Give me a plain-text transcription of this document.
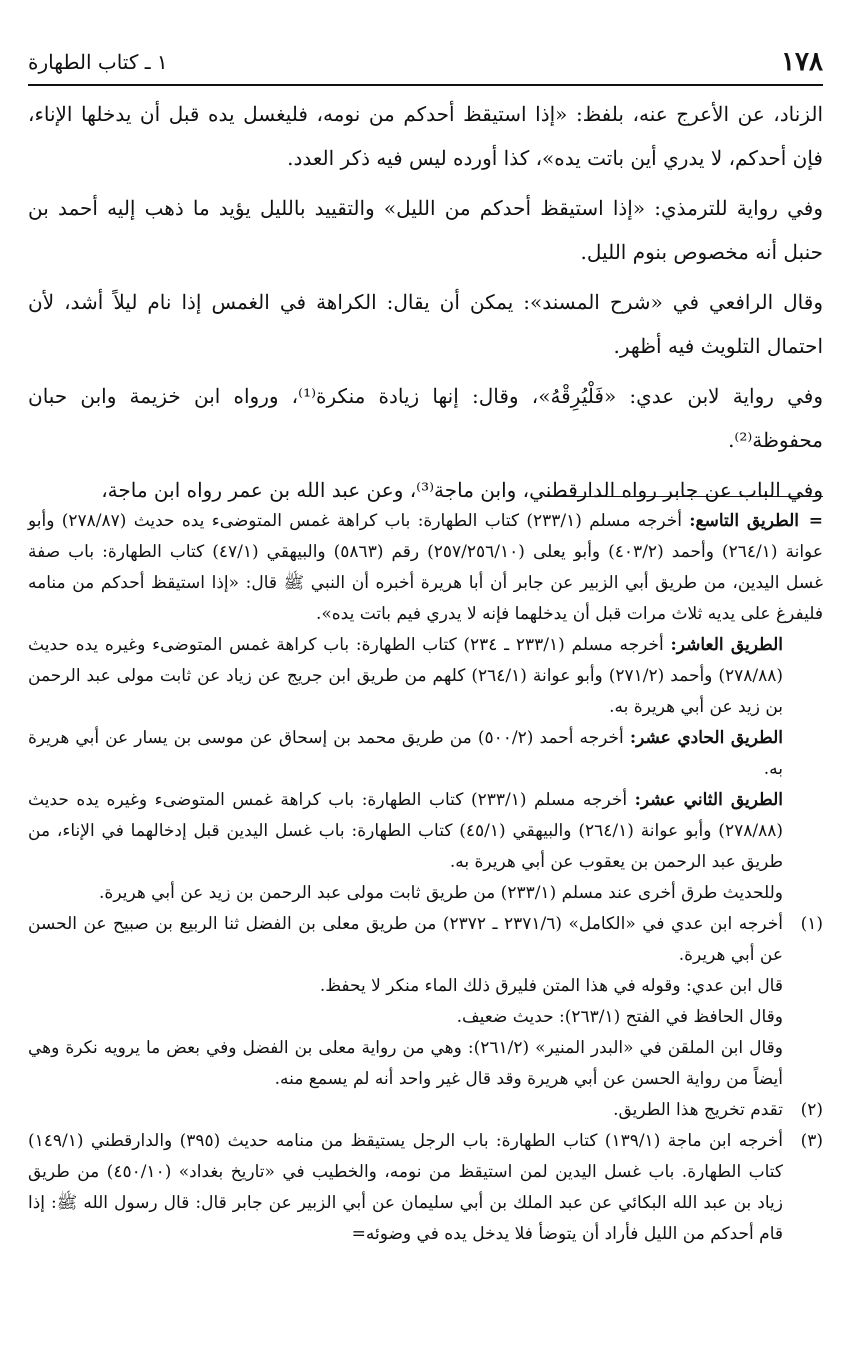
١٧٨
١ ـ كتاب الطهارة

الزناد، عن الأعرج عنه، بلفظ: «إذا استيقظ أحدكم من نومه، فليغسل يده قبل أن يدخلها الإناء، فإن أحدكم، لا يدري أين باتت يده»، كذا أورده ليس فيه ذكر العدد.

وفي رواية للترمذي: «إذا استيقظ أحدكم من الليل» والتقييد بالليل يؤيد ما ذهب إليه أحمد بن حنبل أنه مخصوص بنوم الليل.

وقال الرافعي في «شرح المسند»: يمكن أن يقال: الكراهة في الغمس إذا نام ليلاً أشد، لأن احتمال التلويث فيه أظهر.

وفي رواية لابن عدي: «فَلْيُرِقْهُ»، وقال: إنها زيادة منكرة⁽¹⁾، ورواه ابن خزيمة وابن حبان محفوظة⁽²⁾.

وفي الباب عن جابر رواه الدارقطني، وابن ماجة⁽³⁾، وعن عبد الله بن عمر رواه ابن ماجة،

=الطريق التاسع: أخرجه مسلم (٢٣٣/١) كتاب الطهارة: باب كراهة غمس المتوضىء يده حديث (٢٧٨/٨٧) وأبو عوانة (٢٦٤/١) وأحمد (٤٠٣/٢) وأبو يعلى (٢٥٧/٢٥٦/١٠) رقم (٥٨٦٣) والبيهقي (٤٧/١) كتاب الطهارة: باب صفة غسل اليدين، من طريق أبي الزبير عن جابر أن أبا هريرة أخبره أن النبي ﷺ قال: «إذا استيقظ أحدكم من منامه فليفرغ على يديه ثلاث مرات قبل أن يدخلهما فإنه لا يدري فيم باتت يده».

الطريق العاشر: أخرجه مسلم (٢٣٣/١ ـ ٢٣٤) كتاب الطهارة: باب كراهة غمس المتوضىء وغيره يده حديث (٢٧٨/٨٨) وأحمد (٢٧١/٢) وأبو عوانة (٢٦٤/١) كلهم من طريق ابن جريج عن زياد عن ثابت مولى عبد الرحمن بن زيد عن أبي هريرة به.

الطريق الحادي عشر: أخرجه أحمد (٥٠٠/٢) من طريق محمد بن إسحاق عن موسى بن يسار عن أبي هريرة به.

الطريق الثاني عشر: أخرجه مسلم (٢٣٣/١) كتاب الطهارة: باب كراهة غمس المتوضىء وغيره يده حديث (٢٧٨/٨٨) وأبو عوانة (٢٦٤/١) والبيهقي (٤٥/١) كتاب الطهارة: باب غسل اليدين قبل إدخالهما في الإناء، من طريق عبد الرحمن بن يعقوب عن أبي هريرة به.

وللحديث طرق أخرى عند مسلم (٢٣٣/١) من طريق ثابت مولى عبد الرحمن بن زيد عن أبي هريرة.

(١)

أخرجه ابن عدي في «الكامل» (٢٣٧١/٦ ـ ٢٣٧٢) من طريق معلى بن الفضل ثنا الربيع بن صبيح عن الحسن عن أبي هريرة.

قال ابن عدي: وقوله في هذا المتن فليرق ذلك الماء منكر لا يحفظ.

وقال الحافظ في الفتح (٢٦٣/١): حديث ضعيف.

وقال ابن الملقن في «البدر المنير» (٢٦١/٢): وهي من رواية معلى بن الفضل وفي بعض ما يرويه نكرة وهي أيضاً من رواية الحسن عن أبي هريرة وقد قال غير واحد أنه لم يسمع منه.

(٢)

تقدم تخريج هذا الطريق.

(٣)

أخرجه ابن ماجة (١٣٩/١) كتاب الطهارة: باب الرجل يستيقظ من منامه حديث (٣٩٥) والدارقطني (١٤٩/١) كتاب الطهارة. باب غسل اليدين لمن استيقظ من نومه، والخطيب في «تاريخ بغداد» (٤٥٠/١٠) من طريق زياد بن عبد الله البكائي عن عبد الملك بن أبي سليمان عن أبي الزبير عن جابر قال: قال رسول الله ﷺ: إذا قام أحدكم من الليل فأراد أن يتوضأ فلا يدخل يده في وضوئه=
